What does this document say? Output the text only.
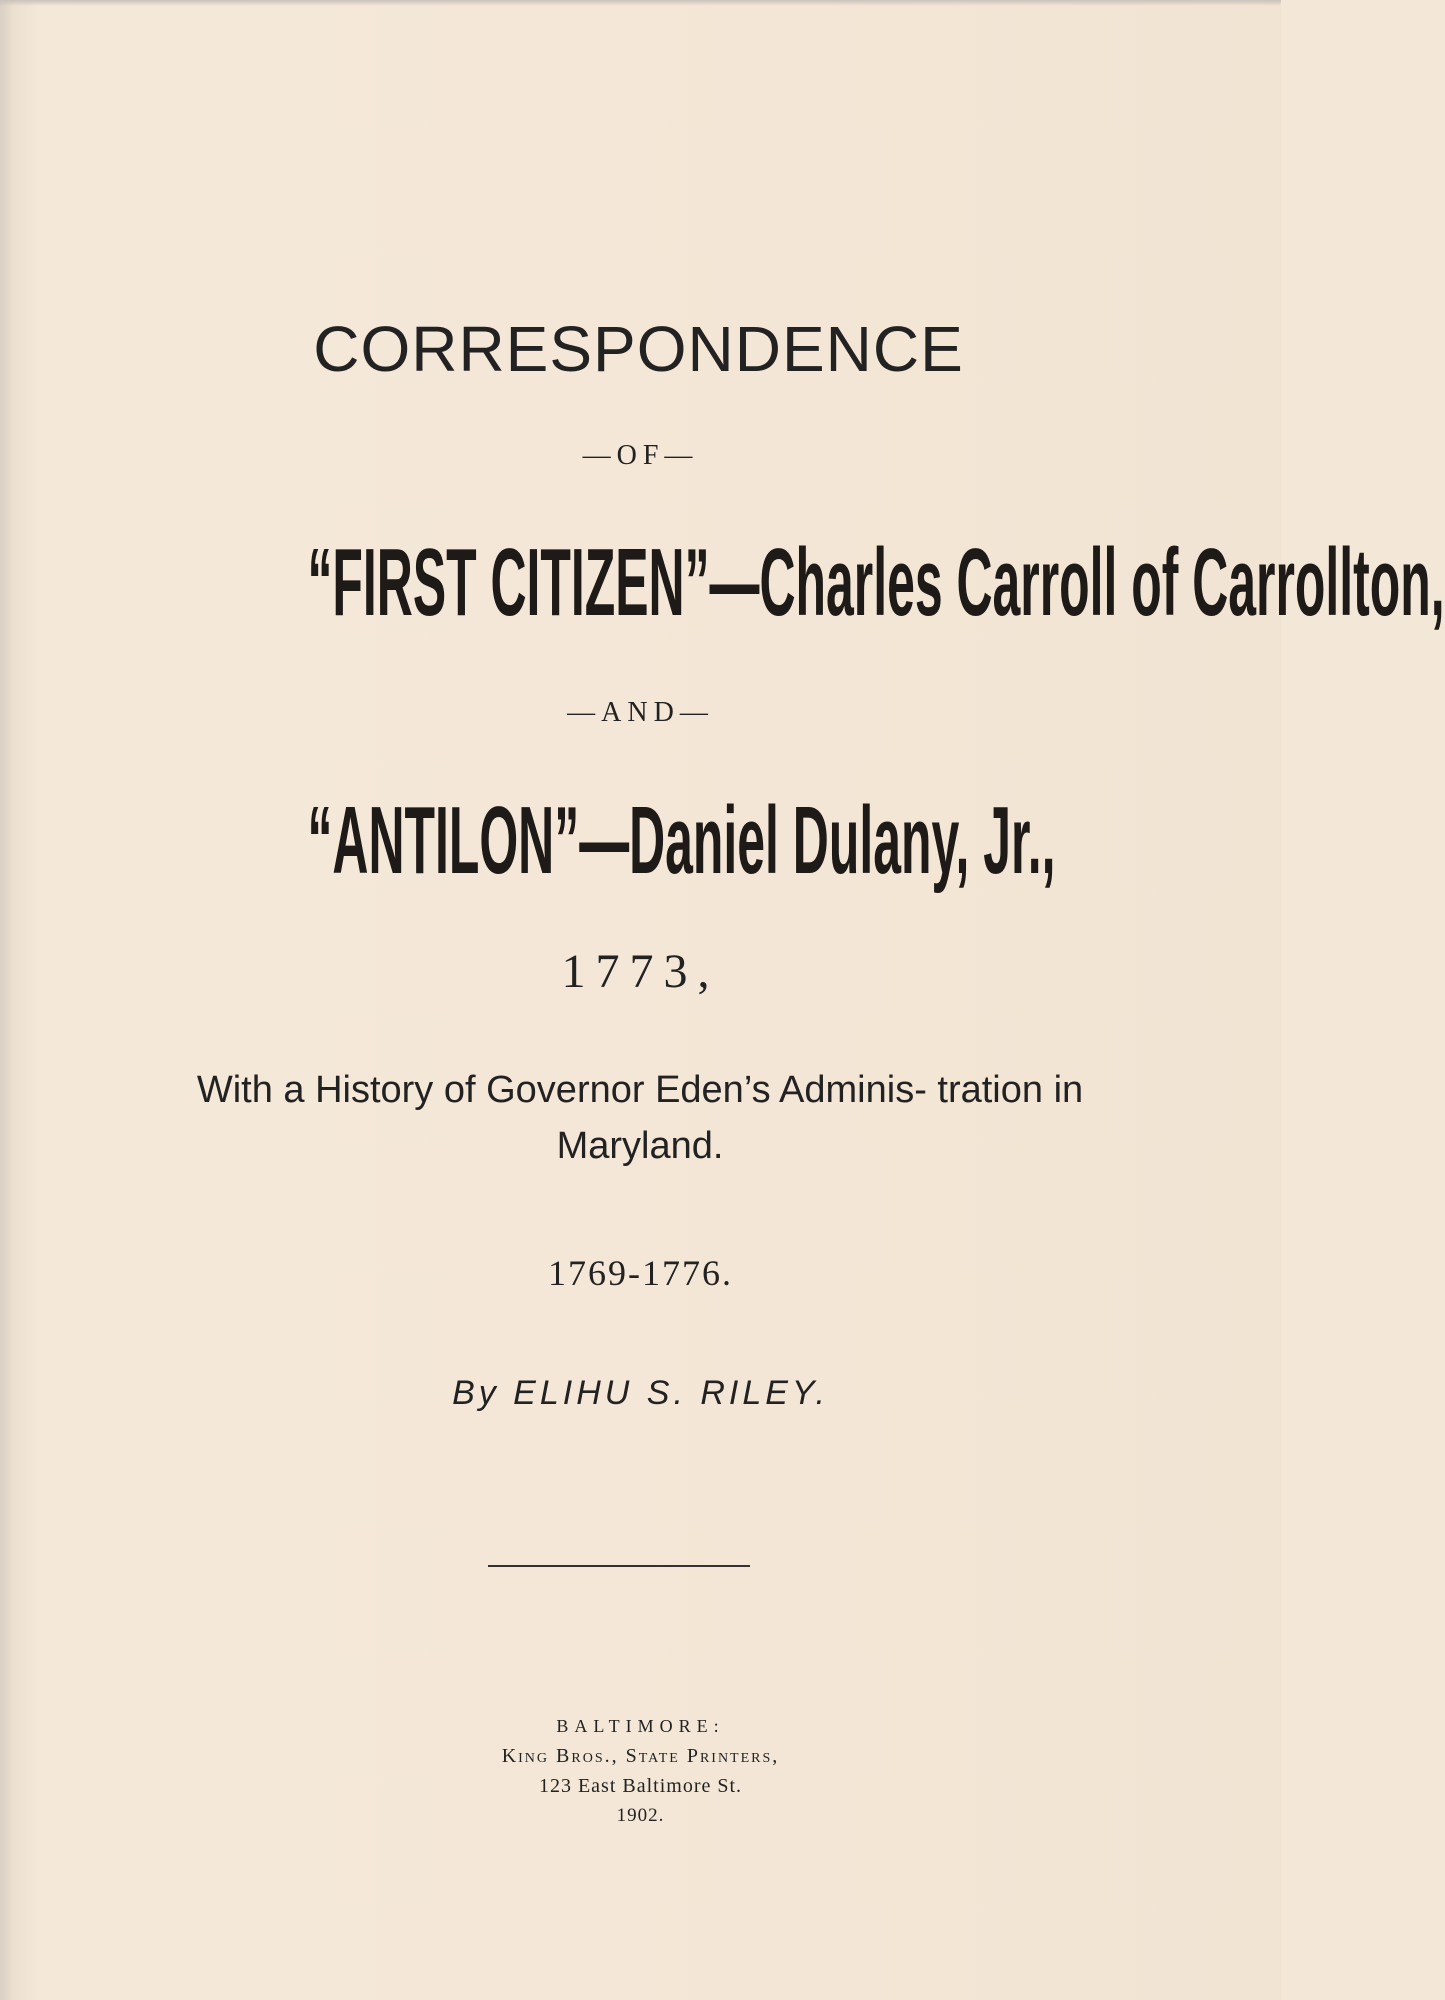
CORRESPONDENCE
—OF—
“FIRST CITIZEN”—Charles Carroll of Carrollton,
—AND—
“ANTILON”—Daniel Dulany, Jr.,
1773,
With a History of Governor Eden’s Adminis- tration in Maryland.
1769-1776.
By ELIHU S. RILEY.
BALTIMORE:
King Bros., State Printers,
123 East Baltimore St.
1902.
